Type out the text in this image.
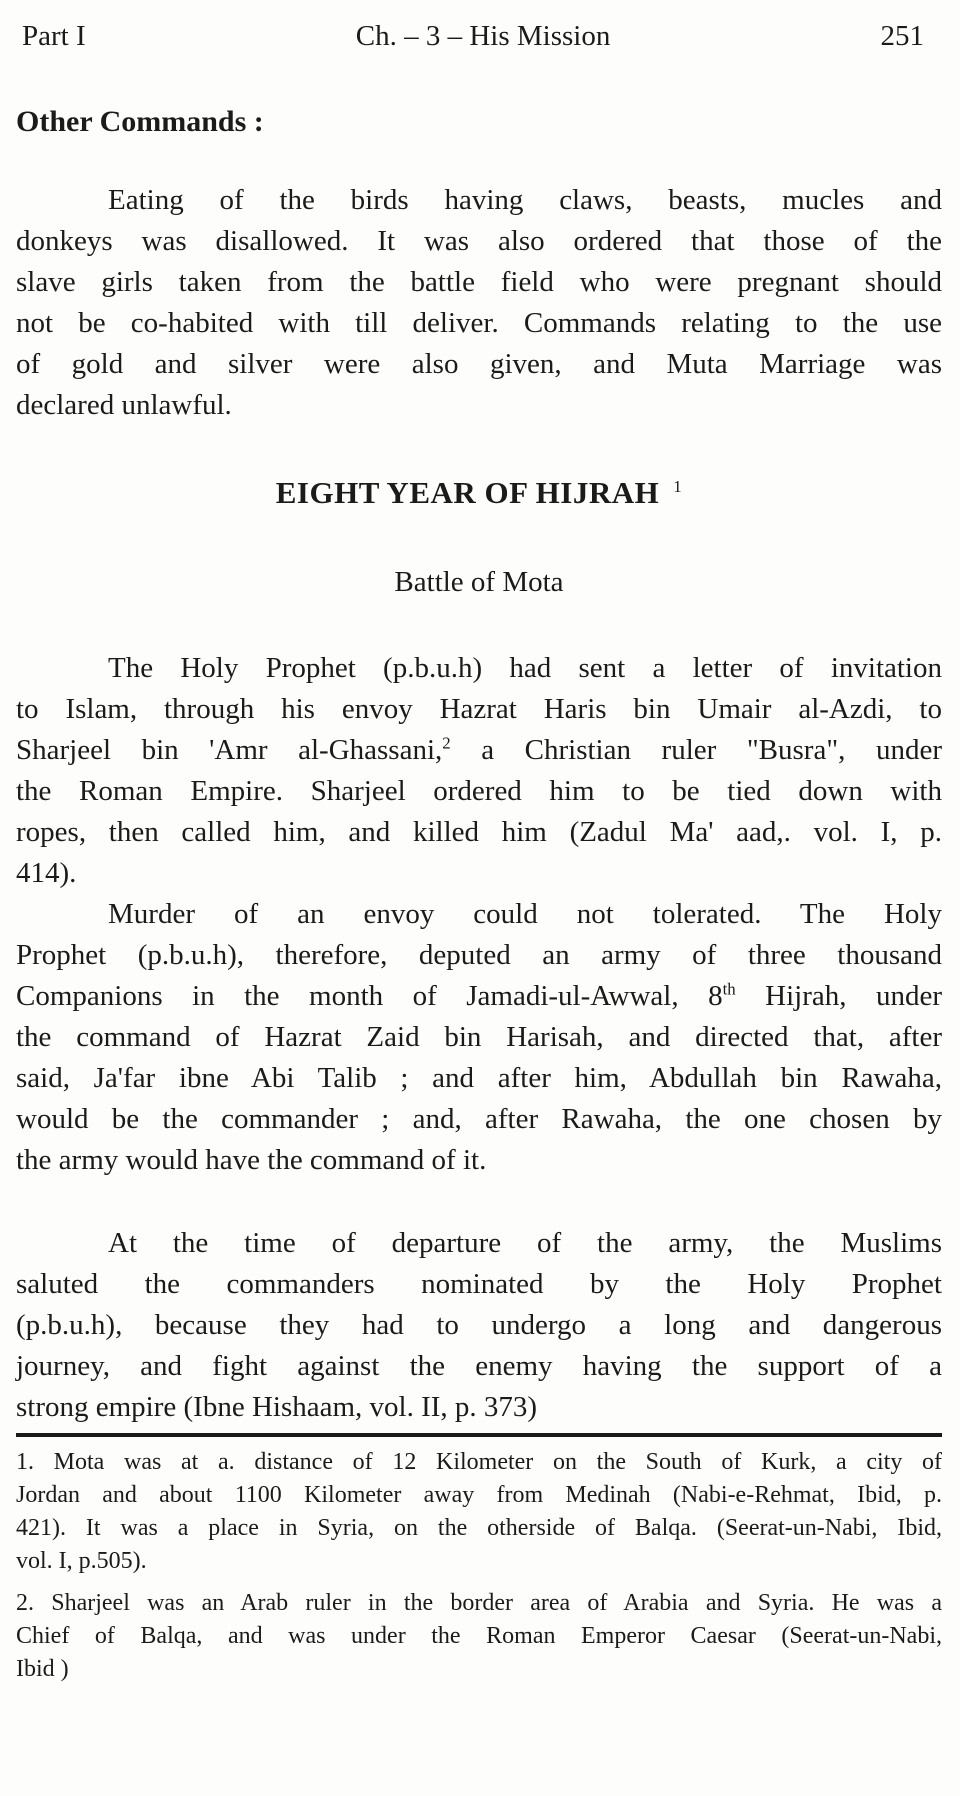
Part I	Ch. – 3 – His Mission	251
Other Commands :
Eating of the birds having claws, beasts, mucles and
donkeys was disallowed. It was also ordered that those of the
slave girls taken from the battle field who were pregnant should
not be co-habited with till deliver. Commands relating to the use
of gold and silver were also given, and Muta Marriage was
declared unlawful.
EIGHT YEAR OF HIJRAH $^1$
Battle of Mota
The Holy Prophet (p.b.u.h) had sent a letter of invitation
to Islam, through his envoy Hazrat Haris bin Umair al-Azdi, to
Sharjeel bin 'Amr al-Ghassani,$^2$ a Christian ruler "Busra", under
the Roman Empire. Sharjeel ordered him to be tied down with
ropes, then called him, and killed him (Zadul Ma' aad,. vol. I, p.
414).
Murder of an envoy could not tolerated. The Holy
Prophet (p.b.u.h), therefore, deputed an army of three thousand
Companions in the month of Jamadi-ul-Awwal, 8th Hijrah, under
the command of Hazrat Zaid bin Harisah, and directed that, after
said, Ja'far ibne Abi Talib ; and after him, Abdullah bin Rawaha,
would be the commander ; and, after Rawaha, the one chosen by
the army would have the command of it.
At the time of departure of the army, the Muslims
saluted the commanders nominated by the Holy Prophet
(p.b.u.h), because they had to undergo a long and dangerous
journey, and fight against the enemy having the support of a
strong empire (Ibne Hishaam, vol. II, p. 373)
1. Mota was at a. distance of 12 Kilometer on the South of Kurk, a city of
Jordan and about 1100 Kilometer away from Medinah (Nabi-e-Rehmat, Ibid, p.
421). It was a place in Syria, on the otherside of Balqa. (Seerat-un-Nabi, Ibid,
vol. I, p.505).
2. Sharjeel was an Arab ruler in the border area of Arabia and Syria. He was a
Chief of Balqa, and was under the Roman Emperor Caesar (Seerat-un-Nabi,
Ibid )
